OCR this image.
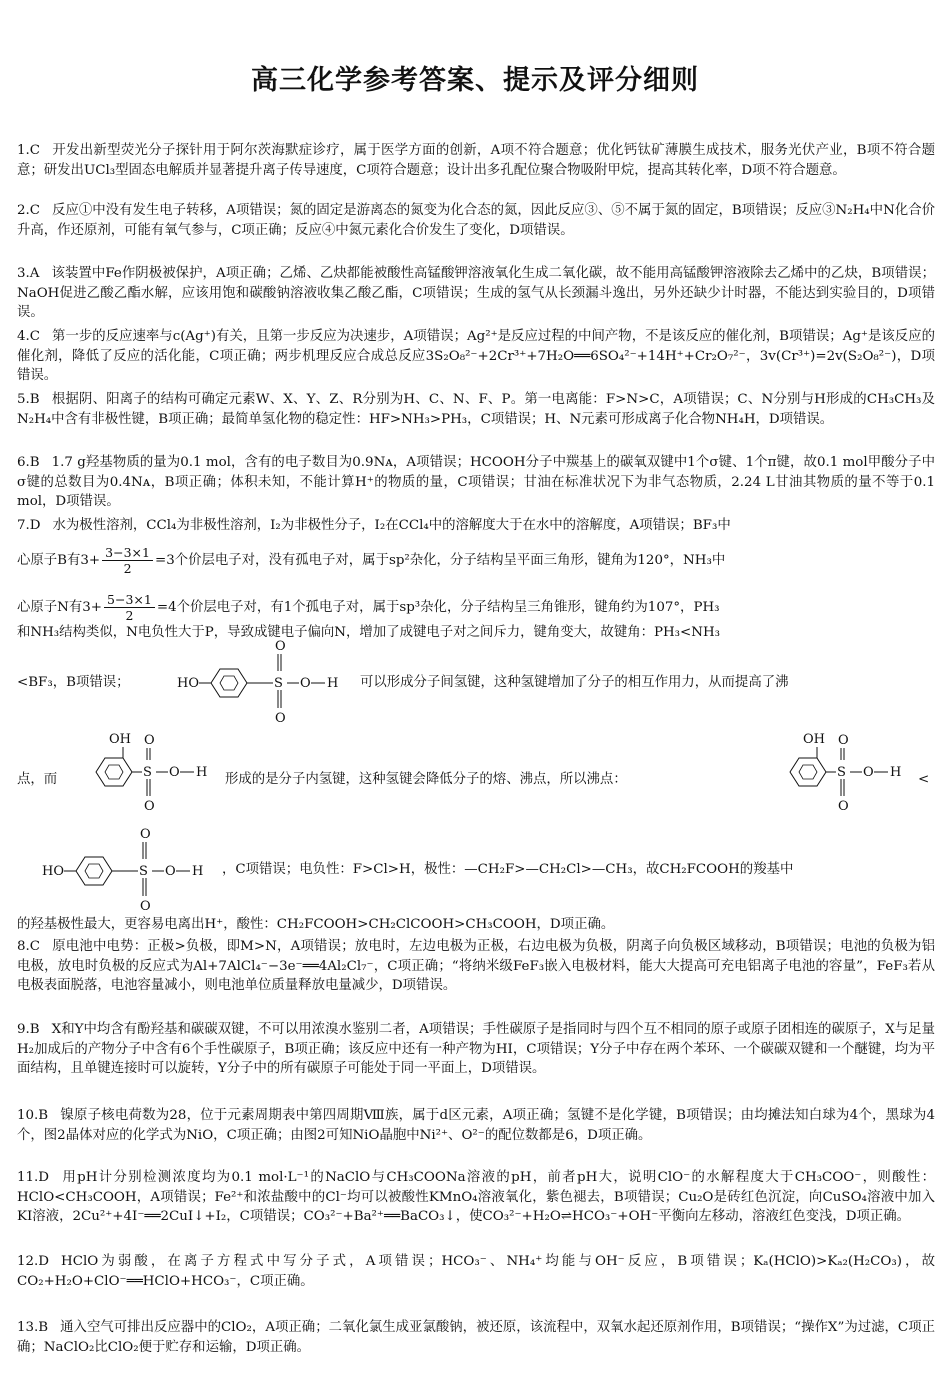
高三化学参考答案、提示及评分细则
1.C 开发出新型荧光分子探针用于阿尔茨海默症诊疗，属于医学方面的创新，A项不符合题意；优化钙钛矿薄膜生成技术，服务光伏产业，B项不符合题意；研发出UCl₃型固态电解质并显著提升离子传导速度，C项符合题意；设计出多孔配位聚合物吸附甲烷，提高其转化率，D项不符合题意。
2.C 反应①中没有发生电子转移，A项错误；氮的固定是游离态的氮变为化合态的氮，因此反应③、⑤不属于氮的固定，B项错误；反应③N₂H₄中N化合价升高，作还原剂，可能有氧气参与，C项正确；反应④中氮元素化合价发生了变化，D项错误。
3.A 该装置中Fe作阴极被保护，A项正确；乙烯、乙炔都能被酸性高锰酸钾溶液氧化生成二氧化碳，故不能用高锰酸钾溶液除去乙烯中的乙炔，B项错误；NaOH促进乙酸乙酯水解，应该用饱和碳酸钠溶液收集乙酸乙酯，C项错误；生成的氢气从长颈漏斗逸出，另外还缺少计时器，不能达到实验目的，D项错误。
4.C 第一步的反应速率与c(Ag⁺)有关，且第一步反应为决速步，A项错误；Ag²⁺是反应过程的中间产物，不是该反应的催化剂，B项错误；Ag⁺是该反应的催化剂，降低了反应的活化能，C项正确；两步机理反应合成总反应3S₂O₈²⁻+2Cr³⁺+7H₂O══6SO₄²⁻+14H⁺+Cr₂O₇²⁻，3v(Cr³⁺)=2v(S₂O₈²⁻)，D项错误。
5.B 根据阴、阳离子的结构可确定元素W、X、Y、Z、R分别为H、C、N、F、P。第一电离能：F>N>C，A项错误；C、N分别与H形成的CH₃CH₃及N₂H₄中含有非极性键，B项正确；最简单氢化物的稳定性：HF>NH₃>PH₃，C项错误；H、N元素可形成离子化合物NH₄H，D项错误。
6.B 1.7 g羟基物质的量为0.1 mol，含有的电子数目为0.9Nᴀ，A项错误；HCOOH分子中羰基上的碳氧双键中1个σ键、1个π键，故0.1 mol甲酸分子中σ键的总数目为0.4Nᴀ，B项正确；体积未知，不能计算H⁺的物质的量，C项错误；甘油在标准状况下为非气态物质，2.24 L甘油其物质的量不等于0.1 mol，D项错误。
7.D 水为极性溶剂，CCl₄为非极性溶剂，I₂为非极性分子，I₂在CCl₄中的溶解度大于在水中的溶解度，A项错误；BF₃中
心原子B有$3+ \frac{3-3\times 1}{2} =3$个价层电子对，没有孤电子对，属于sp²杂化，分子结构呈平面三角形，键角为120°，NH₃中
心原子N有$3+ \frac{5-3\times 1}{2} =4$个价层电子对，有1个孤电子对，属于sp³杂化，分子结构呈三角锥形，键角约为107°，PH₃
和NH₃结构类似，N电负性大于P，导致成键电子偏向N，增加了成键电子对之间斥力，键角变大，故键角：PH₃<NH₃
<BF₃，B项错误；	HO	S
O
O
O H 可以形成分子间氢键，这种氢键增加了分子的相互作用力，从而提高了沸
点，而
OH
S
O
O
O H 形成的是分子内氢键，这种氢键会降低分子的熔、沸点，所以沸点：
OH
S
O
O
O H <
HO	S
O
O
O H ，C项错误；电负性：F>Cl>H，极性：—CH₂F>—CH₂Cl>—CH₃，故CH₂FCOOH的羧基中
的羟基极性最大，更容易电离出H⁺，酸性：CH₂FCOOH>CH₂ClCOOH>CH₃COOH，D项正确。
8.C 原电池中电势：正极>负极，即M>N，A项错误；放电时，左边电极为正极，右边电极为负极，阴离子向负极区域移动，B项错误；电池的负极为铝电极，放电时负极的反应式为Al+7AlCl₄⁻−3e⁻══4Al₂Cl₇⁻，C项正确；“将纳米级FeF₃嵌入电极材料，能大大提高可充电铝离子电池的容量”，FeF₃若从电极表面脱落，电池容量减小，则电池单位质量释放电量减少，D项错误。
9.B X和Y中均含有酚羟基和碳碳双键，不可以用浓溴水鉴别二者，A项错误；手性碳原子是指同时与四个互不相同的原子或原子团相连的碳原子，X与足量H₂加成后的产物分子中含有6个手性碳原子，B项正确；该反应中还有一种产物为HI，C项错误；Y分子中存在两个苯环、一个碳碳双键和一个醚键，均为平面结构，且单键连接时可以旋转，Y分子中的所有碳原子可能处于同一平面上，D项错误。
10.B 镍原子核电荷数为28，位于元素周期表中第四周期Ⅷ族，属于d区元素，A项正确；氢键不是化学键，B项错误；由均摊法知白球为4个，黑球为4个，图2晶体对应的化学式为NiO，C项正确；由图2可知NiO晶胞中Ni²⁺、O²⁻的配位数都是6，D项正确。
11.D 用pH计分别检测浓度均为0.1 mol·L⁻¹的NaClO与CH₃COONa溶液的pH，前者pH大，说明ClO⁻的水解程度大于CH₃COO⁻，则酸性：HClO<CH₃COOH，A项错误；Fe²⁺和浓盐酸中的Cl⁻均可以被酸性KMnO₄溶液氧化，紫色褪去，B项错误；Cu₂O是砖红色沉淀，向CuSO₄溶液中加入KI溶液，2Cu²⁺+4I⁻══2CuI↓+I₂，C项错误；CO₃²⁻+Ba²⁺══BaCO₃↓，使CO₃²⁻+H₂O⇌HCO₃⁻+OH⁻平衡向左移动，溶液红色变浅，D项正确。
12.D HClO为弱酸，在离子方程式中写分子式，A项错误；HCO₃⁻、NH₄⁺均能与OH⁻反应，B项错误；Kₐ(HClO)>Kₐ₂(H₂CO₃)，故CO₂+H₂O+ClO⁻══HClO+HCO₃⁻，C项正确。
13.B 通入空气可排出反应器中的ClO₂，A项正确；二氧化氯生成亚氯酸钠，被还原，该流程中，双氧水起还原剂作用，B项错误；“操作X”为过滤，C项正确；NaClO₂比ClO₂便于贮存和运输，D项正确。
